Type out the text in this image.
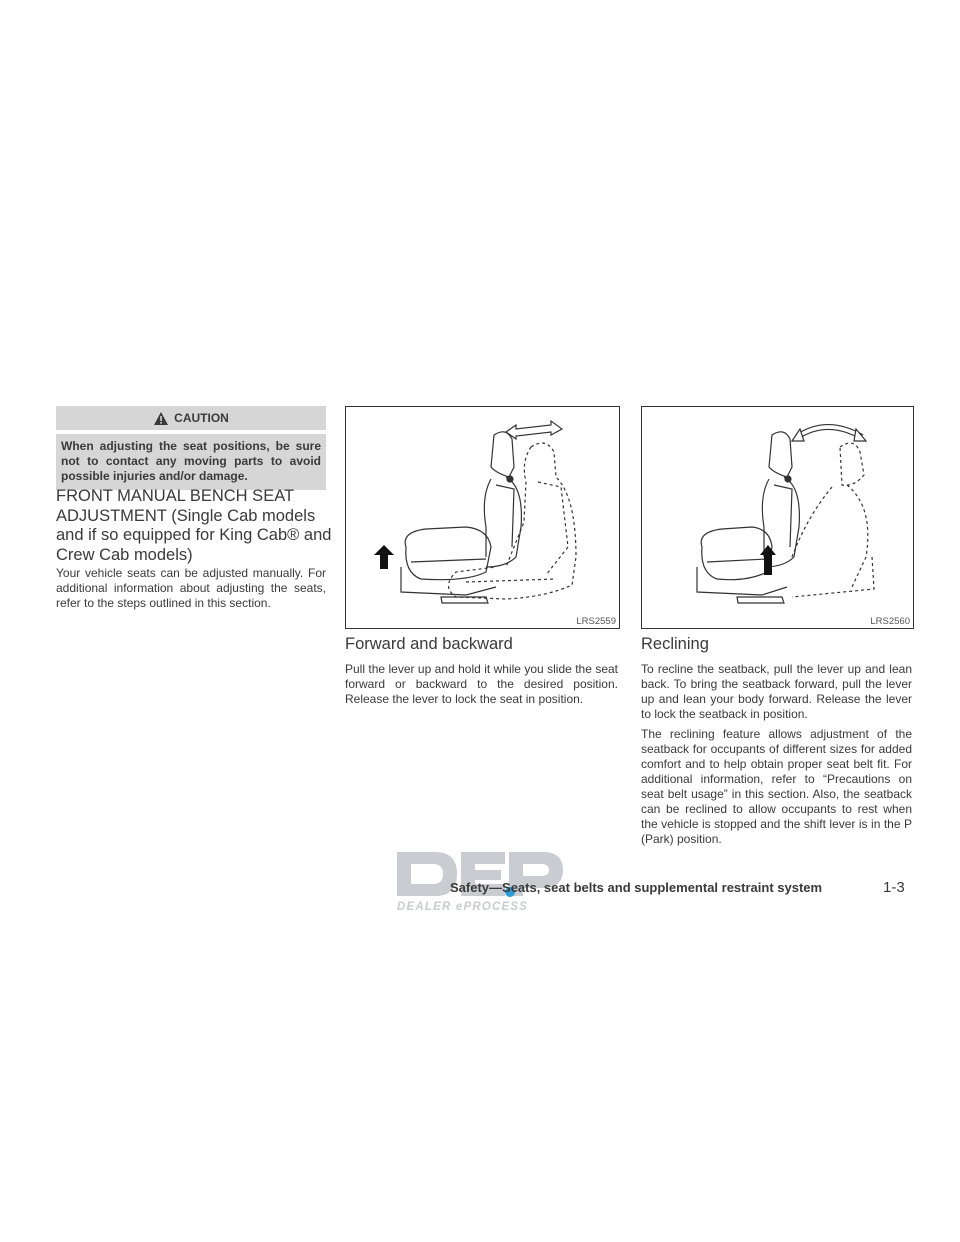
CAUTION
When adjusting the seat positions, be sure not to contact any moving parts to avoid possible injuries and/or damage.
FRONT MANUAL BENCH SEAT ADJUSTMENT (Single Cab models and if so equipped for King Cab® and Crew Cab models)
Your vehicle seats can be adjusted manually. For additional information about adjusting the seats, refer to the steps outlined in this section.
LRS2559	LRS2560
Forward and backward
Pull the lever up and hold it while you slide the seat forward or backward to the desired position. Release the lever to lock the seat in position.
Reclining
To recline the seatback, pull the lever up and lean back. To bring the seatback forward, pull the lever up and lean your body forward. Release the lever to lock the seatback in position.
The reclining feature allows adjustment of the seatback for occupants of different sizes for added comfort and to help obtain proper seat belt fit. For additional information, refer to “Precautions on seat belt usage” in this section. Also, the seatback can be reclined to allow occupants to rest when the vehicle is stopped and the shift lever is in the P (Park) position.
DEALER ePROCESS
Safety—Seats, seat belts and supplemental restraint system	1-3
